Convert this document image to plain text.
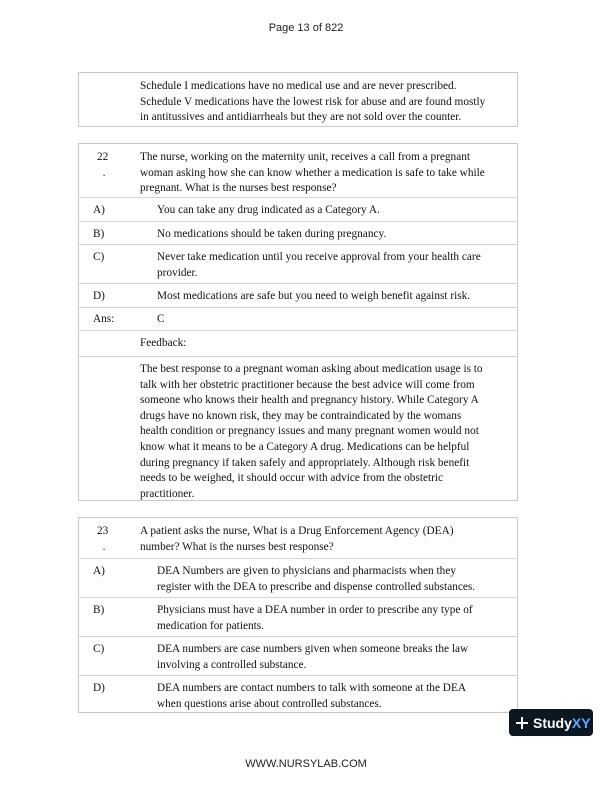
Page 13 of 822
Schedule I medications have no medical use and are never prescribed.
Schedule V medications have the lowest risk for abuse and are found mostly
in antitussives and antidiarrheals but they are not sold over the counter.
22
.
The nurse, working on the maternity unit, receives a call from a pregnant
woman asking how she can know whether a medication is safe to take while
pregnant. What is the nurses best response?
A)	You can take any drug indicated as a Category A.
B)	No medications should be taken during pregnancy.
C)	Never take medication until you receive approval from your health care
provider.
D)	Most medications are safe but you need to weigh benefit against risk.
Ans:	C
Feedback:
The best response to a pregnant woman asking about medication usage is to
talk with her obstetric practitioner because the best advice will come from
someone who knows their health and pregnancy history. While Category A
drugs have no known risk, they may be contraindicated by the womans
health condition or pregnancy issues and many pregnant women would not
know what it means to be a Category A drug. Medications can be helpful
during pregnancy if taken safely and appropriately. Although risk benefit
needs to be weighed, it should occur with advice from the obstetric
practitioner.
23
.
A patient asks the nurse, What is a Drug Enforcement Agency (DEA)
number? What is the nurses best response?
A)	DEA Numbers are given to physicians and pharmacists when they
register with the DEA to prescribe and dispense controlled substances.
B)	Physicians must have a DEA number in order to prescribe any type of
medication for patients.
C)	DEA numbers are case numbers given when someone breaks the law
involving a controlled substance.
D)	DEA numbers are contact numbers to talk with someone at the DEA
when questions arise about controlled substances.
Study XY
WWW.NURSYLAB.COM
